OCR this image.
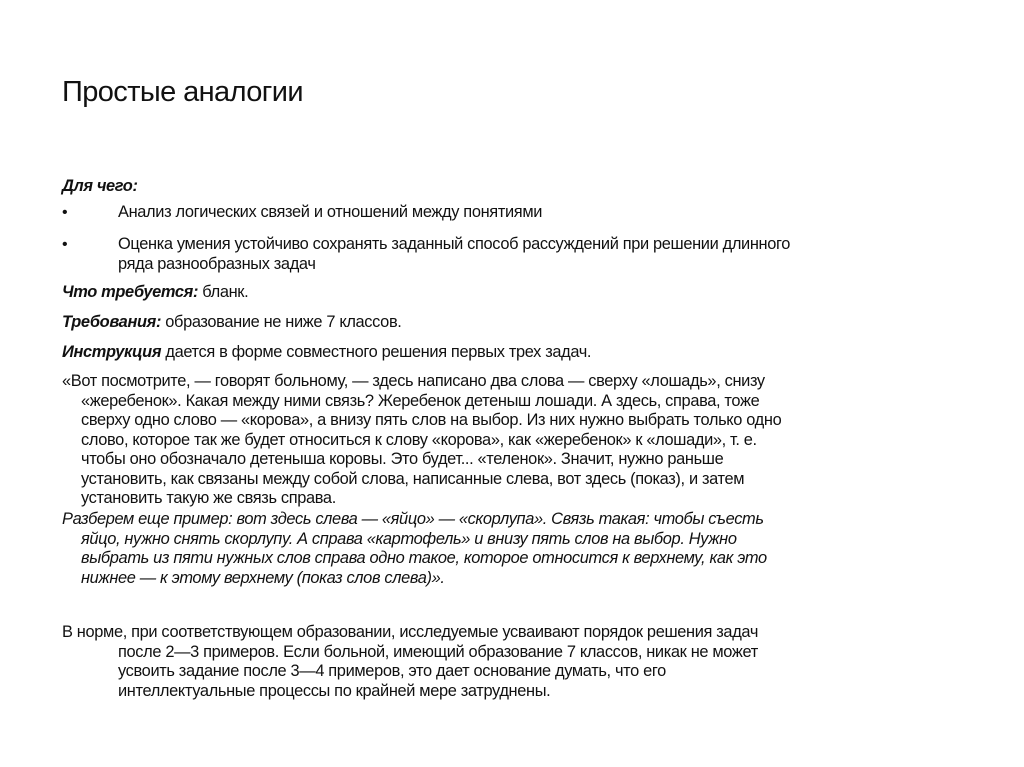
Простые аналогии
Для чего:
•	Анализ логических связей и отношений между понятиями
•	Оценка умения устойчиво сохранять заданный способ рассуждений при решении длинного
ряда разнообразных задач
Что требуется: бланк.
Требования: образование не ниже 7 классов.
Инструкция дается в форме совместного решения первых трех задач.
«Вот посмотрите, — говорят больному, — здесь написано два слова — сверху «лошадь», снизу
«жеребенок». Какая между ними связь? Жеребенок детеныш лошади. А здесь, справа, тоже
сверху одно слово — «корова», а внизу пять слов на выбор. Из них нужно выбрать только одно
слово, которое так же будет относиться к слову «корова», как «жеребенок» к «лошади», т. е.
чтобы оно обозначало детеныша коровы. Это будет... «теленок». Значит, нужно раньше
установить, как связаны между собой слова, написанные слева, вот здесь (показ), и затем
установить такую же связь справа.
Разберем еще пример: вот здесь слева — «яйцо» — «скорлупа». Связь такая: чтобы съесть
яйцо, нужно снять скорлупу. А справа «картофель» и внизу пять слов на выбор. Нужно
выбрать из пяти нужных слов справа одно такое, которое относится к верхнему, как это
нижнее — к этому верхнему (показ слов слева)».
В норме, при соответствующем образовании, исследуемые усваивают порядок решения задач
после 2—3 примеров. Если больной, имеющий образование 7 классов, никак не может
усвоить задание после 3—4 примеров, это дает основание думать, что его
интеллектуальные процессы по крайней мере затруднены.
